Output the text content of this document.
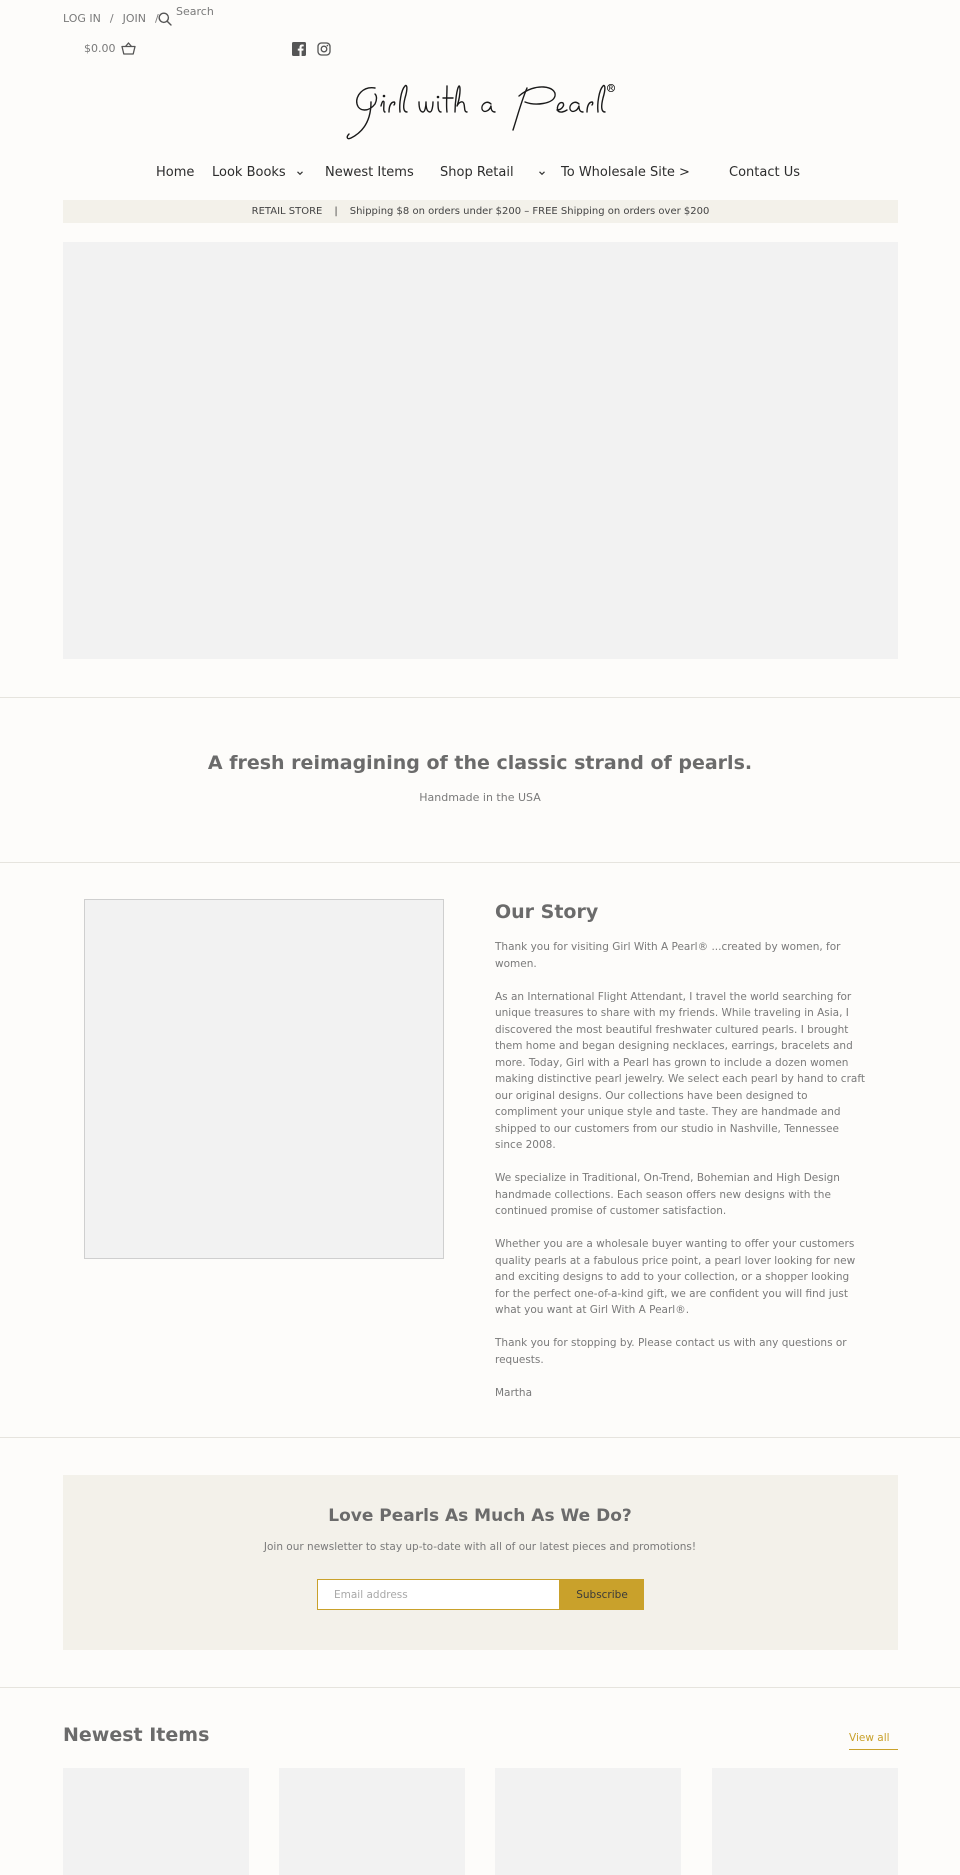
LOG IN / JOIN /
Search
$0.00
Home Look Books	Newest Items Shop Retail	To Wholesale Site >	Contact Us
RETAIL STORE | Shipping $8 on orders under $200 – FREE Shipping on orders over $200
A fresh reimagining of the classic strand of pearls.

Handmade in the USA

Our Story

Thank you for visiting Girl With A Pearl® ...created by women, for women.

As an International Flight Attendant, I travel the world searching for unique treasures to share with my friends. While traveling in Asia, I discovered the most beautiful freshwater cultured pearls. I brought them home and began designing necklaces, earrings, bracelets and more. Today, Girl with a Pearl has grown to include a dozen women making distinctive pearl jewelry. We select each pearl by hand to craft our original designs. Our collections have been designed to compliment your unique style and taste. They are handmade and shipped to our customers from our studio in Nashville, Tennessee since 2008.

We specialize in Traditional, On-Trend, Bohemian and High Design handmade collections. Each season offers new designs with the continued promise of customer satisfaction.

Whether you are a wholesale buyer wanting to offer your customers quality pearls at a fabulous price point, a pearl lover looking for new and exciting designs to add to your collection, or a shopper looking for the perfect one-of-a-kind gift, we are confident you will find just what you want at Girl With A Pearl®.

Thank you for stopping by. Please contact us with any questions or requests.

Martha

Love Pearls As Much As We Do?

Join our newsletter to stay up-to-date with all of our latest pieces and promotions!

Email address
Subscribe
Newest Items	View all
